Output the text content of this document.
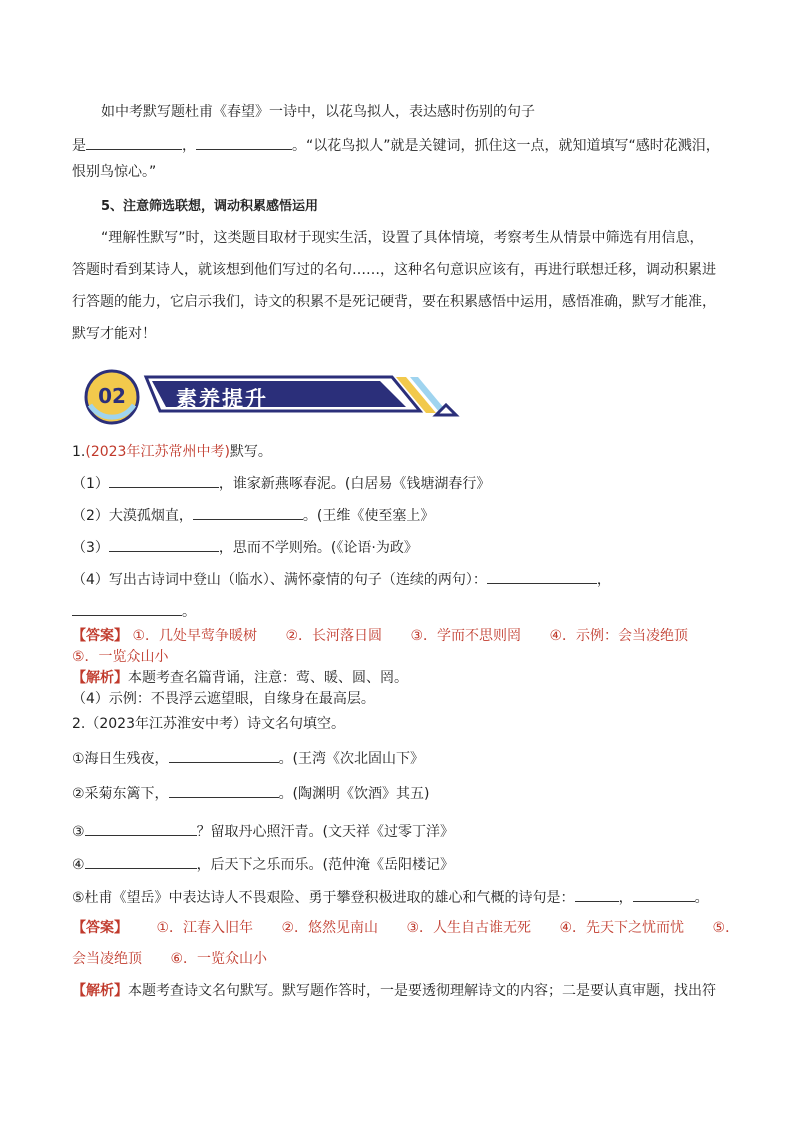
如中考默写题杜甫《春望》一诗中，以花鸟拟人，表达感时伤别的句子
是	，	。“以花鸟拟人”就是关键词，抓住这一点，就知道填写“感时花溅泪，
恨别鸟惊心。”
5、注意筛选联想，调动积累感悟运用
“理解性默写”时，这类题目取材于现实生活，设置了具体情境，考察考生从情景中筛选有用信息，
答题时看到某诗人，就该想到他们写过的名句……，这种名句意识应该有，再进行联想迁移，调动积累进
行答题的能力，它启示我们，诗文的积累不是死记硬背，要在积累感悟中运用，感悟准确，默写才能准，
默写才能对！
02	素养提升
1.(2023年江苏常州中考)默写。
（1）	，谁家新燕啄春泥。(白居易《钱塘湖春行》
（2）大漠孤烟直，	。(王维《使至塞上》
（3）	，思而不学则殆。(《论语·为政》
（4）写出古诗词中登山（临水）、满怀豪情的句子（连续的两句）：	，
。
【答案】 ①．几处早莺争暖树 ②．长河落日圆 ③．学而不思则罔 ④．示例：会当凌绝顶
⑤．一览众山小
【解析】本题考查名篇背诵，注意：莺、暖、圆、罔。
（4）示例：不畏浮云遮望眼，自缘身在最高层。
2.（2023年江苏淮安中考）诗文名句填空。
①海日生残夜，	。(王湾《次北固山下》
②采菊东篱下，	。(陶渊明《饮酒》其五)
③	？留取丹心照汗青。(文天祥《过零丁洋》
④	，后天下之乐而乐。(范仲淹《岳阳楼记》
⑤杜甫《望岳》中表达诗人不畏艰险、勇于攀登积极进取的雄心和气概的诗句是：	，	。
【答案】 ①．江春入旧年 ②．悠然见南山 ③．人生自古谁无死 ④．先天下之忧而忧 ⑤．
会当凌绝顶 ⑥．一览众山小
【解析】本题考查诗文名句默写。默写题作答时，一是要透彻理解诗文的内容；二是要认真审题，找出符
